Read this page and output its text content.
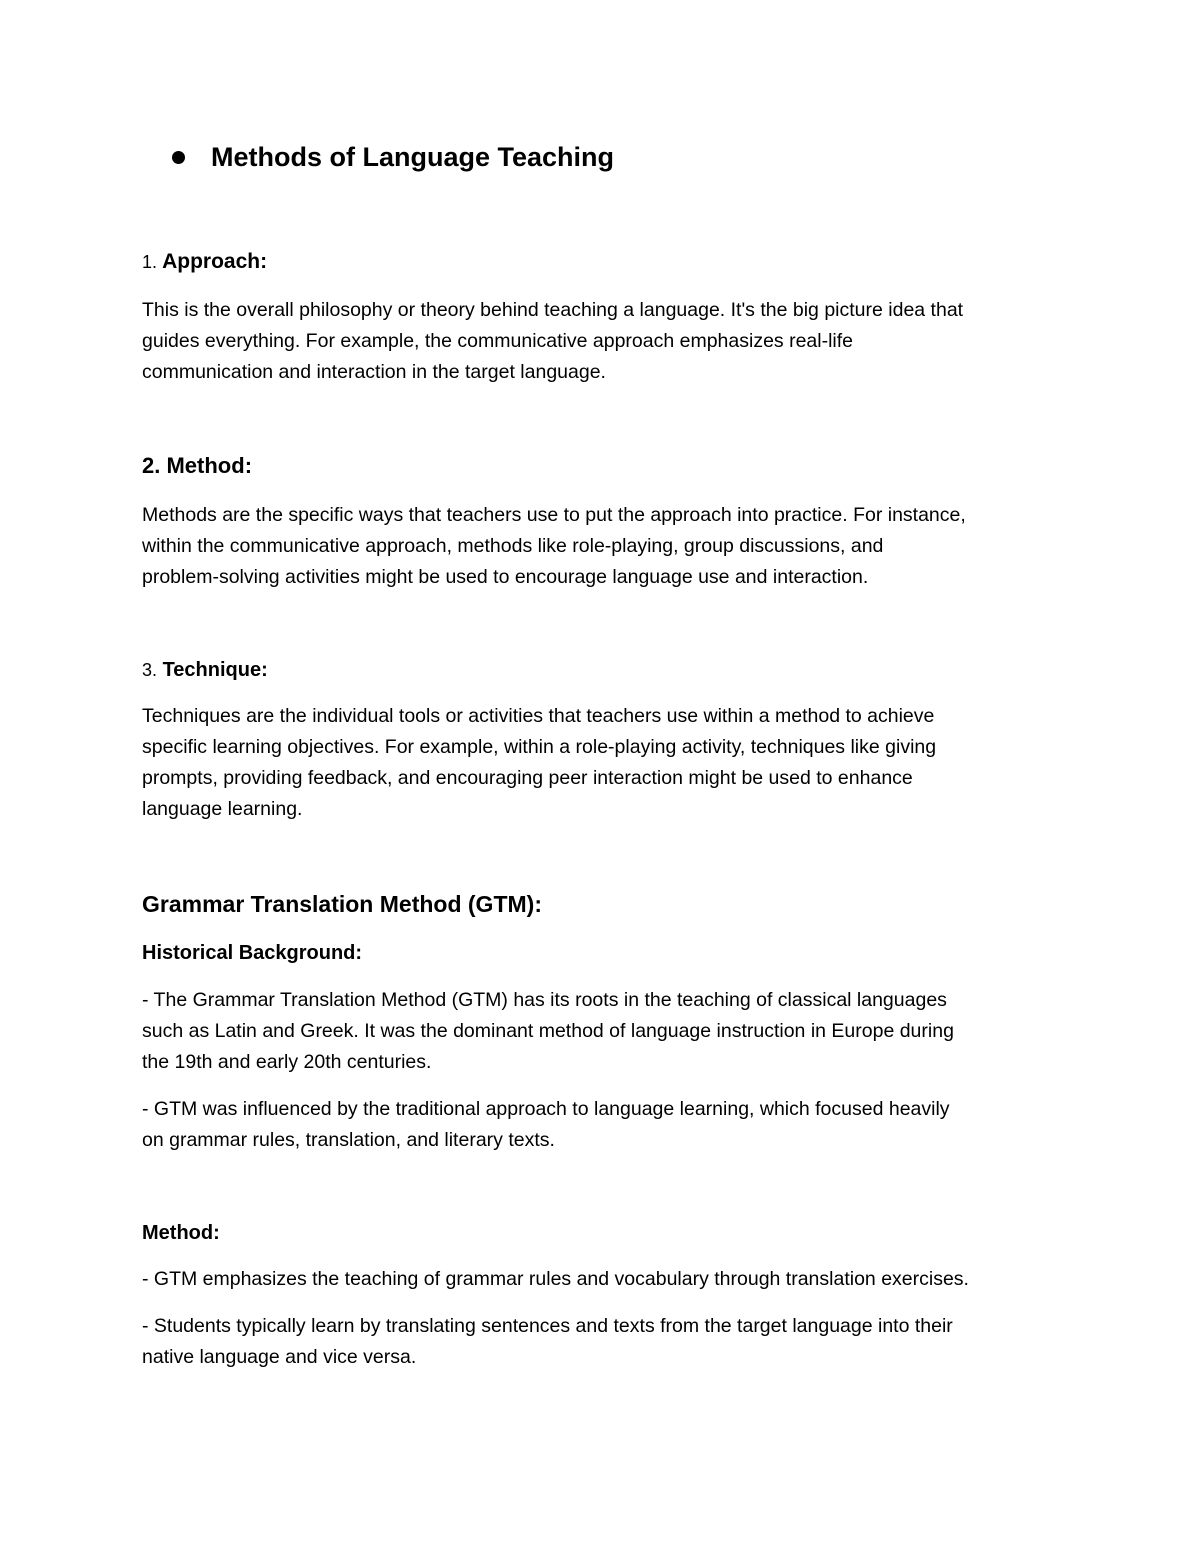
Methods of Language Teaching
1. Approach:

This is the overall philosophy or theory behind teaching a language. It's the big picture idea that

guides everything. For example, the communicative approach emphasizes real-life

communication and interaction in the target language.

2. Method:

Methods are the specific ways that teachers use to put the approach into practice. For instance,

within the communicative approach, methods like role-playing, group discussions, and

problem-solving activities might be used to encourage language use and interaction.

3. Technique:

Techniques are the individual tools or activities that teachers use within a method to achieve

specific learning objectives. For example, within a role-playing activity, techniques like giving

prompts, providing feedback, and encouraging peer interaction might be used to enhance

language learning.

Grammar Translation Method (GTM):
Historical Background:

- The Grammar Translation Method (GTM) has its roots in the teaching of classical languages

such as Latin and Greek. It was the dominant method of language instruction in Europe during

the 19th and early 20th centuries.

- GTM was influenced by the traditional approach to language learning, which focused heavily

on grammar rules, translation, and literary texts.

Method:

- GTM emphasizes the teaching of grammar rules and vocabulary through translation exercises.

- Students typically learn by translating sentences and texts from the target language into their

native language and vice versa.
